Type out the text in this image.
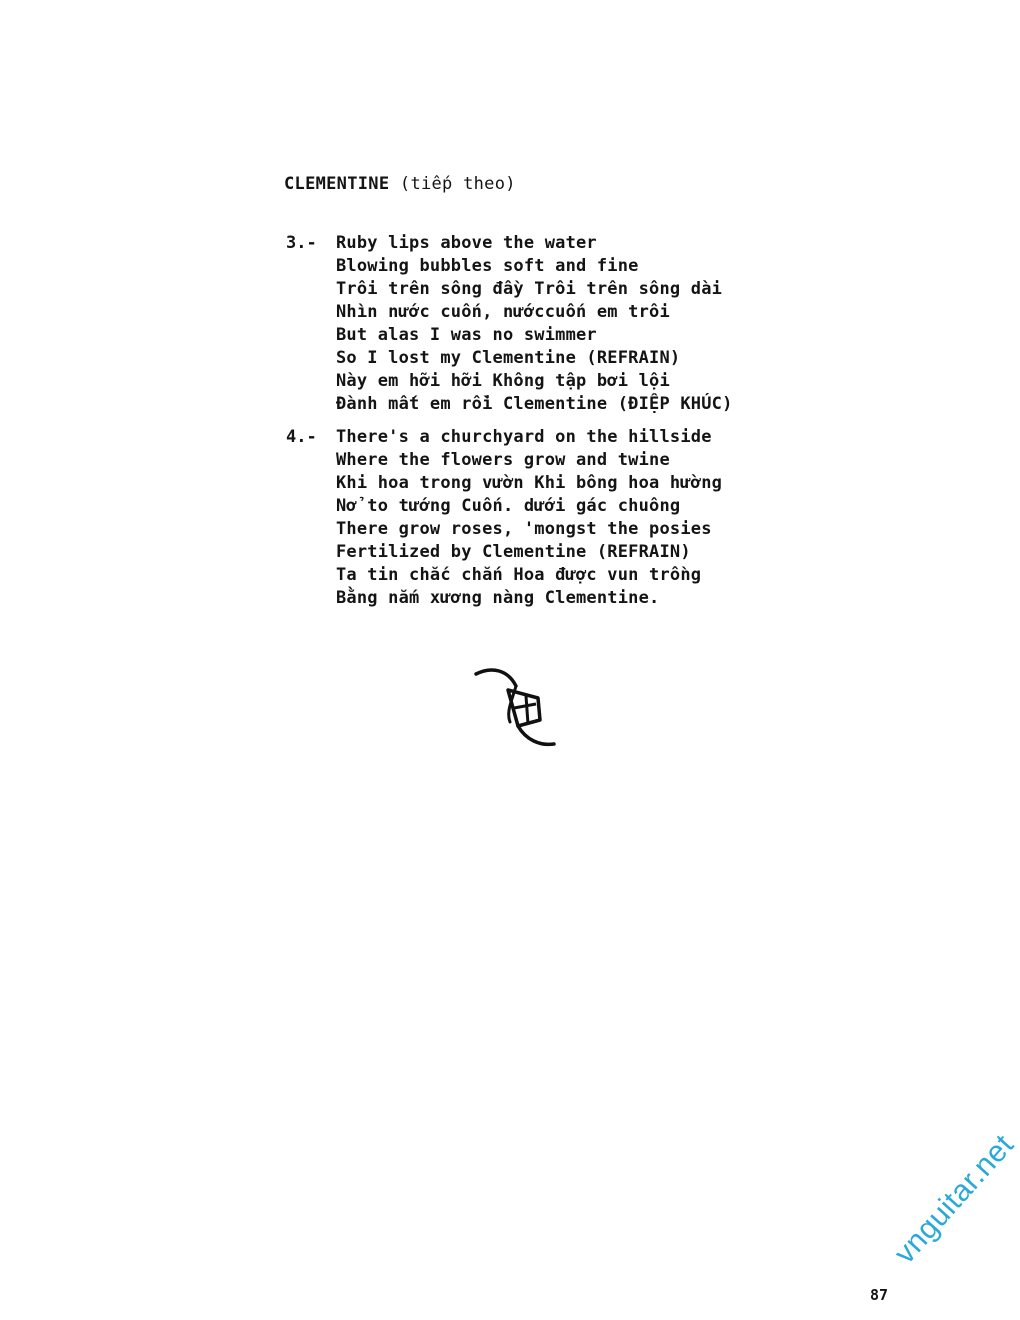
CLEMENTINE (tiếp theo)
3.- Ruby lips above the water
Blowing bubbles soft and fine
Trôi trên sông đầy Trôi trên sông dài
Nhìn nước cuốn, nướccuốn em trôi
But alas I was no swimmer
So I lost my Clementine (REFRAIN)
Này em hỡi hỡi Không tập bơi lội
Đành mất em rồi Clementine (ĐIỆP KHÚC)
4.- There's a churchyard on the hillside
Where the flowers grow and twine
Khi hoa trong vườn Khi bông hoa hường
Nở to tướng Cuốn. dưới gác chuông
There grow roses, 'mongst the posies
Fertilized by Clementine (REFRAIN)
Ta tin chắc chắn Hoa được vun trồng
Bằng nắm xương nàng Clementine.
87
vnguitar.net
